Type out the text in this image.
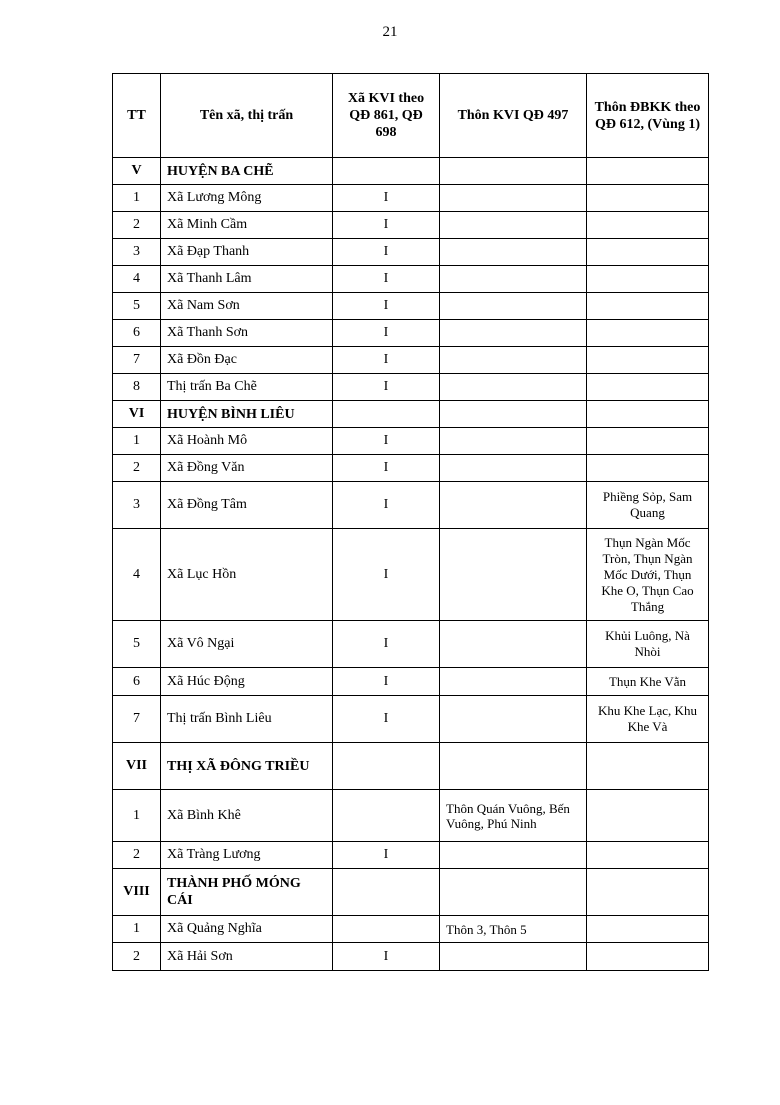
21
TT	Tên xã, thị trấn	Xã KVI theo QĐ 861, QĐ 698	Thôn KVI QĐ 497	Thôn ĐBKK theo QĐ 612, (Vùng 1)
V	HUYỆN BA CHẼ			
1	Xã Lương Mông	I		
2	Xã Minh Cầm	I		
3	Xã Đạp Thanh	I		
4	Xã Thanh Lâm	I		
5	Xã Nam Sơn	I		
6	Xã Thanh Sơn	I		
7	Xã Đồn Đạc	I		
8	Thị trấn Ba Chẽ	I		
VI	HUYỆN BÌNH LIÊU			
1	Xã Hoành Mô	I		
2	Xã Đồng Văn	I		
3	Xã Đồng Tâm	I		Phiềng Sỏp, Sam Quang
4	Xã Lục Hồn	I		Thụn Ngàn Mốc Tròn, Thụn Ngàn Mốc Dưới, Thụn Khe O, Thụn Cao Thắng
5	Xã Vô Ngại	I		Khủi Luông, Nà Nhòi
6	Xã Húc Động	I		Thụn Khe Vằn
7	Thị trấn Bình Liêu	I		Khu Khe Lạc, Khu Khe Và
VII	THỊ XÃ ĐÔNG TRIỀU			
1	Xã Bình Khê		Thôn Quán Vuông, Bến Vuông, Phú Ninh	
2	Xã Tràng Lương	I		
VIII	THÀNH PHỐ MÓNG CÁI			
1	Xã Quảng Nghĩa		Thôn 3, Thôn 5	
2	Xã Hải Sơn	I		
